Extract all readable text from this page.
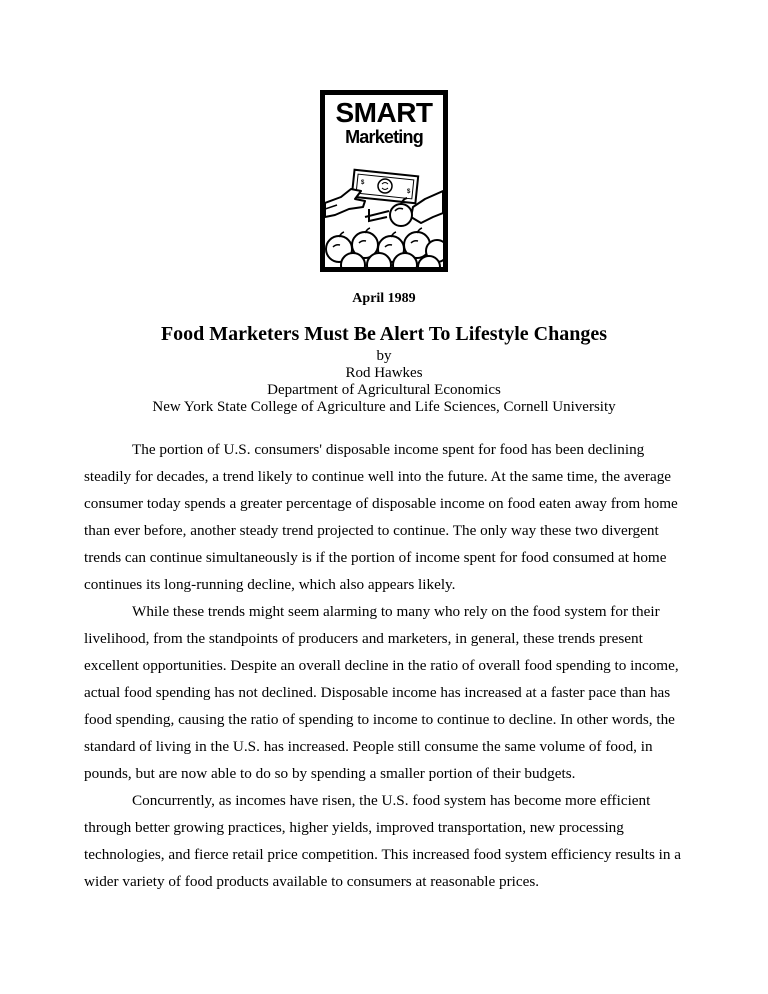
SMART
Marketing
$
$
April 1989
Food Marketers Must Be Alert To Lifestyle Changes
by
Rod Hawkes
Department of Agricultural Economics
New York State College of Agriculture and Life Sciences, Cornell University

The portion of U.S. consumers' disposable income spent for food has been declining steadily for decades, a trend likely to continue well into the future. At the same time, the average consumer today spends a greater percentage of disposable income on food eaten away from home than ever before, another steady trend projected to continue. The only way these two divergent trends can continue simultaneously is if the portion of income spent for food consumed at home continues its long-running decline, which also appears likely.

While these trends might seem alarming to many who rely on the food system for their livelihood, from the standpoints of producers and marketers, in general, these trends present excellent opportunities. Despite an overall decline in the ratio of overall food spending to income, actual food spending has not declined. Disposable income has increased at a faster pace than has food spending, causing the ratio of spending to income to continue to decline. In other words, the standard of living in the U.S. has increased. People still consume the same volume of food, in pounds, but are now able to do so by spending a smaller portion of their budgets.

Concurrently, as incomes have risen, the U.S. food system has become more efficient through better growing practices, higher yields, improved transportation, new processing technologies, and fierce retail price competition. This increased food system efficiency results in a wider variety of food products available to consumers at reasonable prices.
